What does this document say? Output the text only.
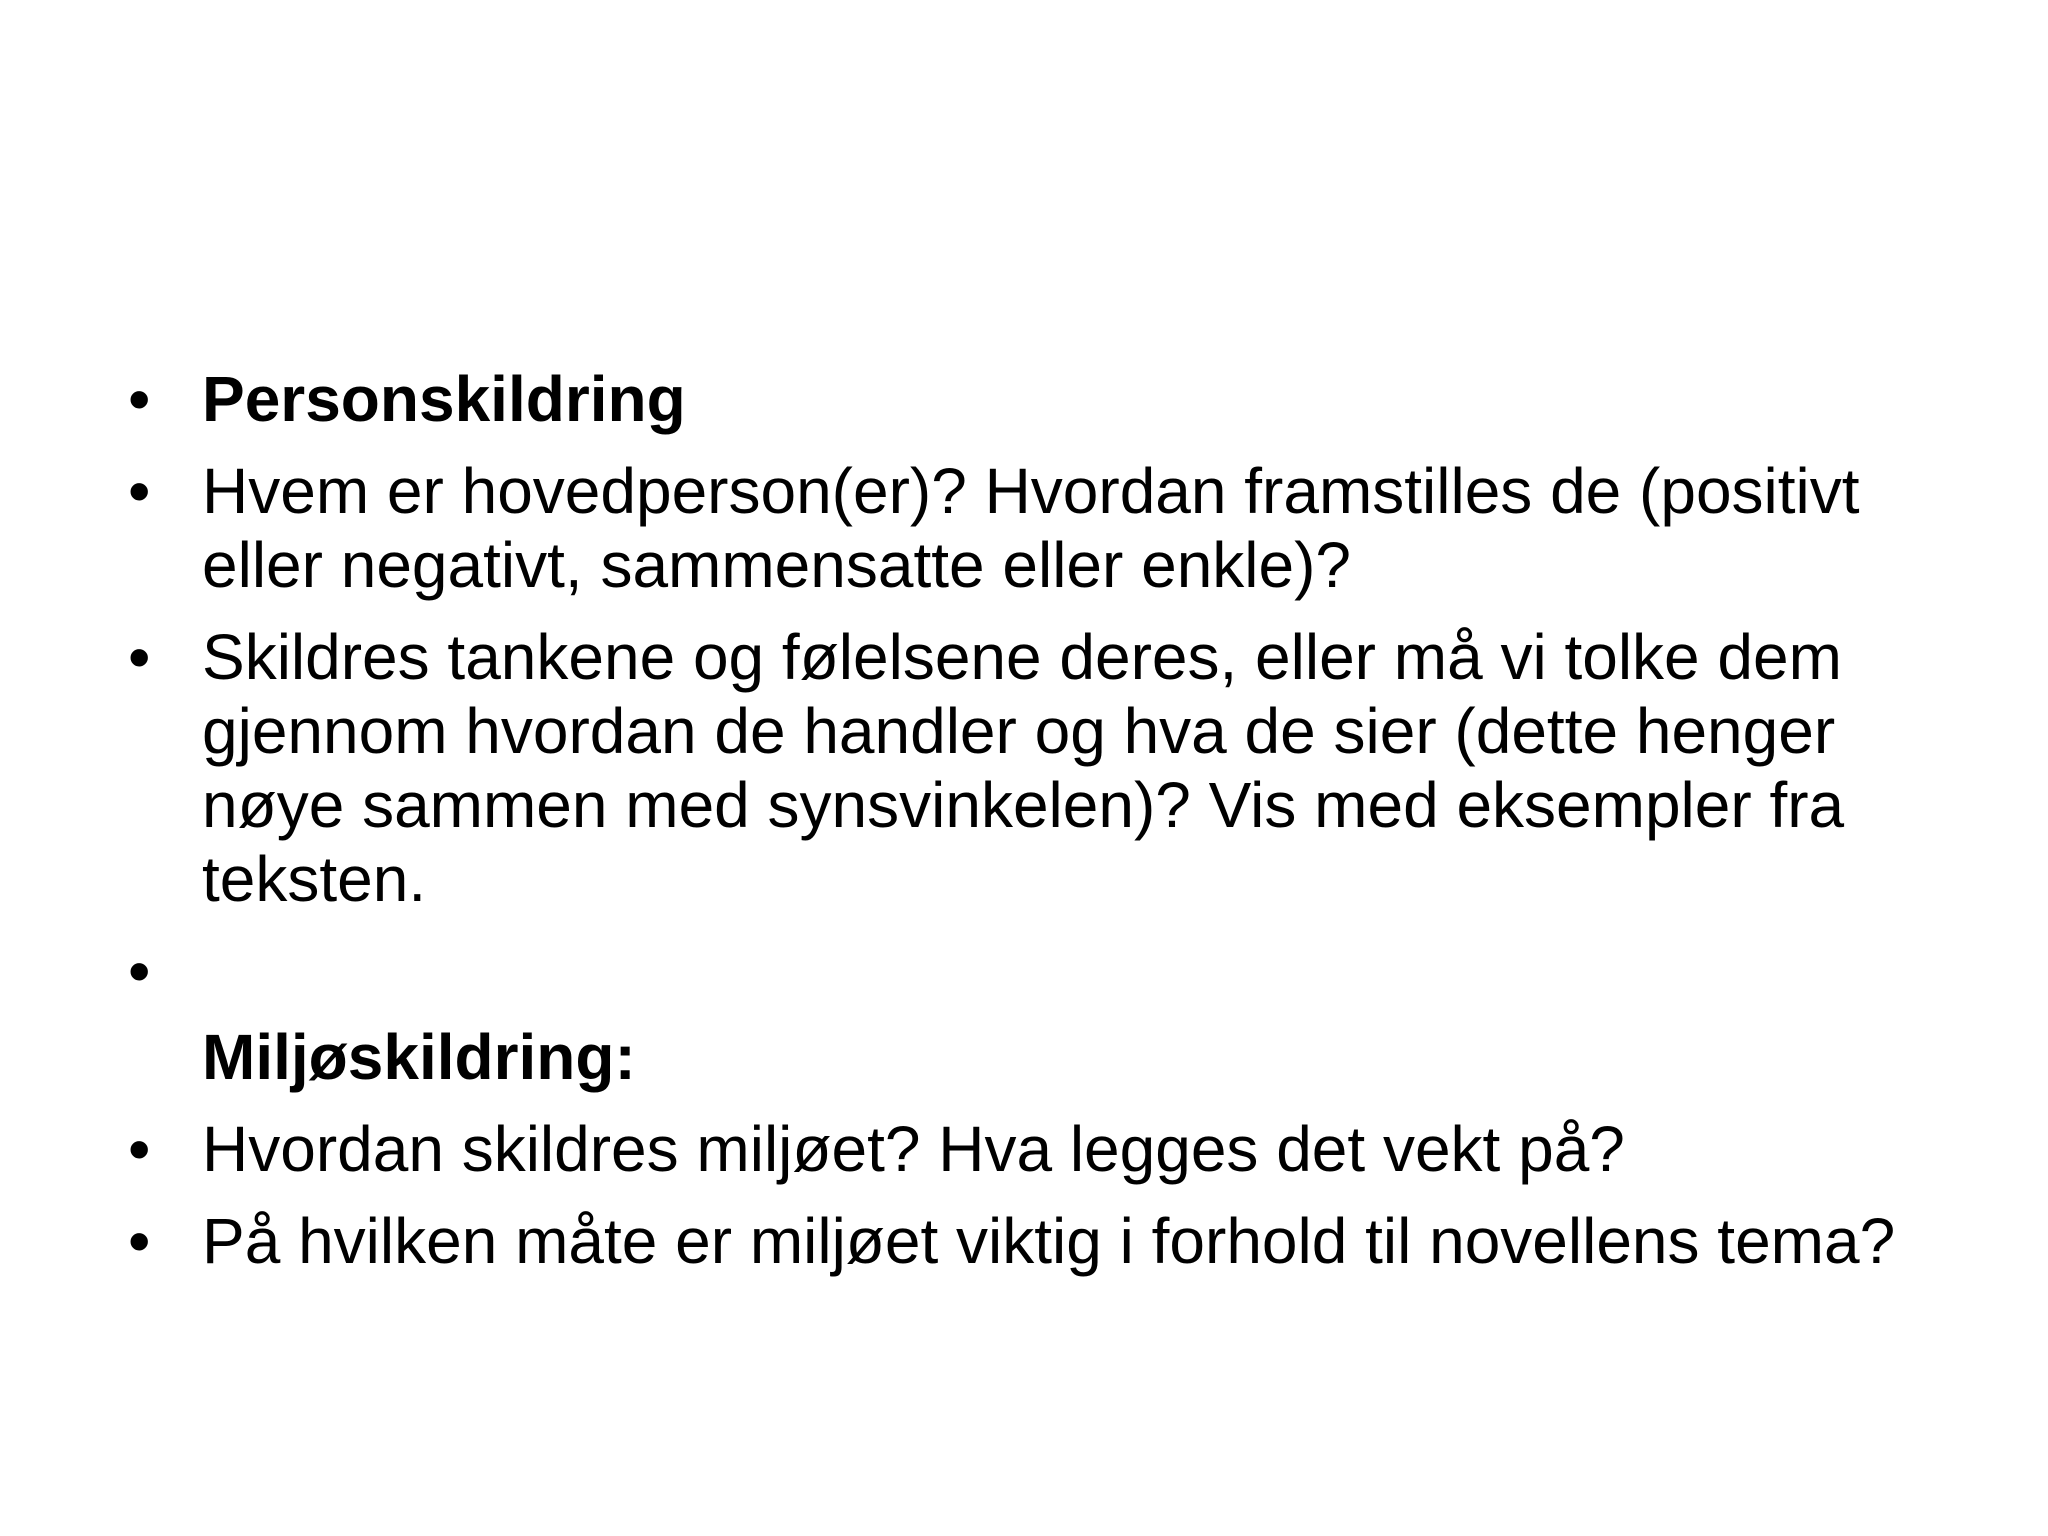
• Personskildring
• Hvem er hovedperson(er)? Hvordan framstilles de (positivt eller negativt, sammensatte eller enkle)?
• Skildres tankene og følelsene deres, eller må vi tolke dem gjennom hvordan de handler og hva de sier (dette henger nøye sammen med synsvinkelen)? Vis med eksempler fra teksten.
•
Miljøskildring:
• Hvordan skildres miljøet? Hva legges det vekt på?
• På hvilken måte er miljøet viktig i forhold til novellens tema?
